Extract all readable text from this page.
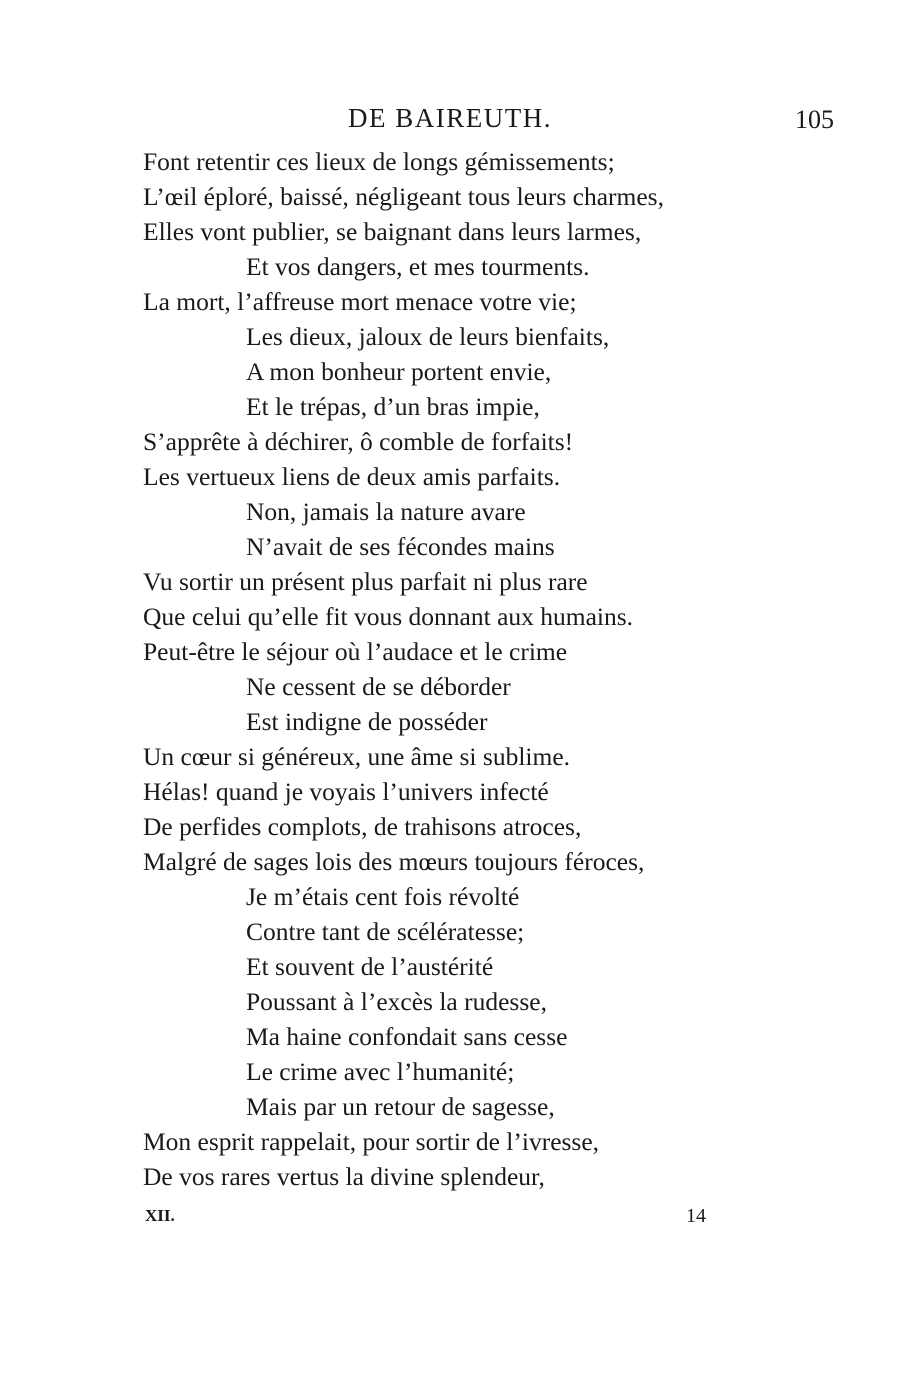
DE BAIREUTH.	105
Font retentir ces lieux de longs gémissements;
L’œil éploré, baissé, négligeant tous leurs charmes,
Elles vont publier, se baignant dans leurs larmes,
Et vos dangers, et mes tourments.
La mort, l’affreuse mort menace votre vie;
Les dieux, jaloux de leurs bienfaits,
A mon bonheur portent envie,
Et le trépas, d’un bras impie,
S’apprête à déchirer, ô comble de forfaits!
Les vertueux liens de deux amis parfaits.
Non, jamais la nature avare
N’avait de ses fécondes mains
Vu sortir un présent plus parfait ni plus rare
Que celui qu’elle fit vous donnant aux humains.
Peut-être le séjour où l’audace et le crime
Ne cessent de se déborder
Est indigne de posséder
Un cœur si généreux, une âme si sublime.
Hélas! quand je voyais l’univers infecté
De perfides complots, de trahisons atroces,
Malgré de sages lois des mœurs toujours féroces,
Je m’étais cent fois révolté
Contre tant de scélératesse;
Et souvent de l’austérité
Poussant à l’excès la rudesse,
Ma haine confondait sans cesse
Le crime avec l’humanité;
Mais par un retour de sagesse,
Mon esprit rappelait, pour sortir de l’ivresse,
De vos rares vertus la divine splendeur,
XII.	14
